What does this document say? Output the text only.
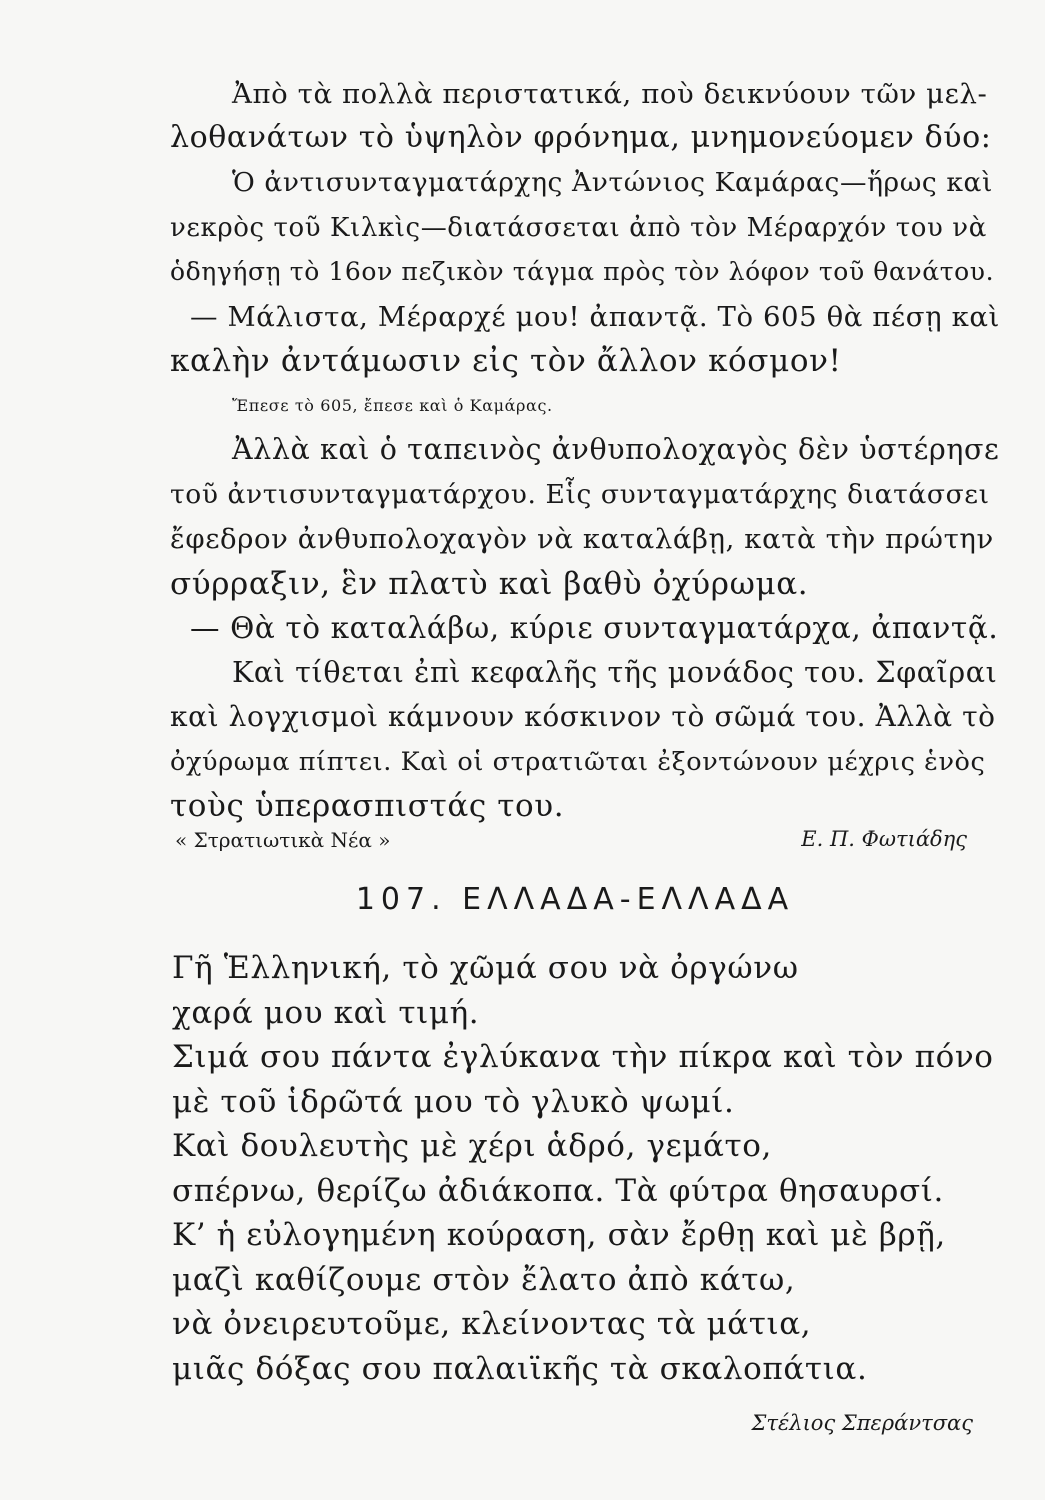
Ἀπὸ τὰ πολλὰ περιστατικά, ποὺ δεικνύουν τῶν μελ-
λοθανάτων τὸ ὑψηλὸν φρόνημα, μνημονεύομεν δύο:
Ὁ ἀντισυνταγματάρχης Ἀντώνιος Καμάρας—ἥρως καὶ
νεκρὸς τοῦ Κιλκὶς—διατάσσεται ἀπὸ τὸν Μέραρχόν του νὰ
ὁδηγήσῃ τὸ 16ον πεζικὸν τάγμα πρὸς τὸν λόφον τοῦ θανάτου.
— Μάλιστα, Μέραρχέ μου! ἀπαντᾷ. Τὸ 605 θὰ πέσῃ καὶ
καλὴν ἀντάμωσιν εἰς τὸν ἄλλον κόσμον!
Ἔπεσε τὸ 605, ἔπεσε καὶ ὁ Καμάρας.
Ἀλλὰ καὶ ὁ ταπεινὸς ἀνθυπολοχαγὸς δὲν ὑστέρησε
τοῦ ἀντισυνταγματάρχου. Εἷς συνταγματάρχης διατάσσει
ἔφεδρον ἀνθυπολοχαγὸν νὰ καταλάβῃ, κατὰ τὴν πρώτην
σύρραξιν, ἓν πλατὺ καὶ βαθὺ ὀχύρωμα.
— Θὰ τὸ καταλάβω, κύριε συνταγματάρχα, ἀπαντᾷ.
Καὶ τίθεται ἐπὶ κεφαλῆς τῆς μονάδος του. Σφαῖραι
καὶ λογχισμοὶ κάμνουν κόσκινον τὸ σῶμά του. Ἀλλὰ τὸ
ὀχύρωμα πίπτει. Καὶ οἱ στρατιῶται ἐξοντώνουν μέχρις ἑνὸς
τοὺς ὑπερασπιστάς του.
« Στρατιωτικὰ Νέα »	Ε. Π. Φωτιάδης
107. ΕΛΛΑΔΑ-ΕΛΛΑΔΑ
Γῆ Ἑλληνική, τὸ χῶμά σου νὰ ὀργώνω
χαρά μου καὶ τιμή.
Σιμά σου πάντα ἐγλύκανα τὴν πίκρα καὶ τὸν πόνο
μὲ τοῦ ἱδρῶτά μου τὸ γλυκὸ ψωμί.
Καὶ δουλευτὴς μὲ χέρι ἁδρό, γεμάτο,
σπέρνω, θερίζω ἀδιάκοπα. Τὰ φύτρα θησαυρσί.
Κ’ ἡ εὐλογημένη κούραση, σὰν ἔρθῃ καὶ μὲ βρῇ,
μαζὶ καθίζουμε στὸν ἔλατο ἀπὸ κάτω,
νὰ ὀνειρευτοῦμε, κλείνοντας τὰ μάτια,
μιᾶς δόξας σου παλαιϊκῆς τὰ σκαλοπάτια.
Στέλιος Σπεράντσας
